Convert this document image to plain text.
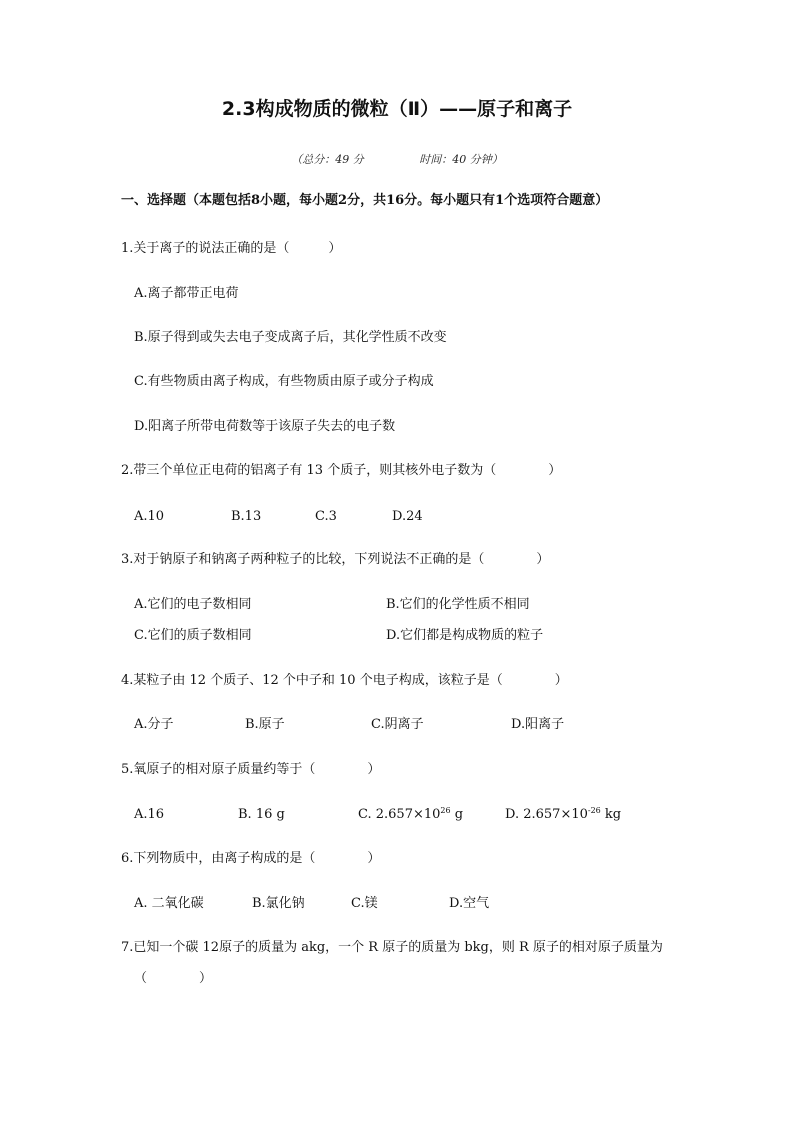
2.3构成物质的微粒（Ⅱ）——原子和离子
（总分：49 分	时间：40 分钟）
一、选择题（本题包括8小题，每小题2分，共16分。每小题只有1个选项符合题意）
1.关于离子的说法正确的是（　　　）
A.离子都带正电荷
B.原子得到或失去电子变成离子后，其化学性质不改变
C.有些物质由离子构成，有些物质由原子或分子构成
D.阳离子所带电荷数等于该原子失去的电子数
2.带三个单位正电荷的铝离子有 13 个质子，则其核外电子数为（　　　　）
A.10	B.13	C.3	D.24
3.对于钠原子和钠离子两种粒子的比较，下列说法不正确的是（　　　　）
A.它们的电子数相同	B.它们的化学性质不相同
C.它们的质子数相同	D.它们都是构成物质的粒子
4.某粒子由 12 个质子、12 个中子和 10 个电子构成，该粒子是（　　　　）
A.分子	B.原子	C.阴离子	D.阳离子
5.氧原子的相对原子质量约等于（　　　　）
A.16	B. 16 g	C. $2.657\times 10^{26}$ g	D. $2.657\times 10^{-26}$ kg
6.下列物质中，由离子构成的是（　　　　）
A. 二氧化碳	B.氯化钠	C.镁	D.空气
7.已知一个碳 12原子的质量为 akg，一个 R 原子的质量为 bkg，则 R 原子的相对原子质量为
（　　　　）
